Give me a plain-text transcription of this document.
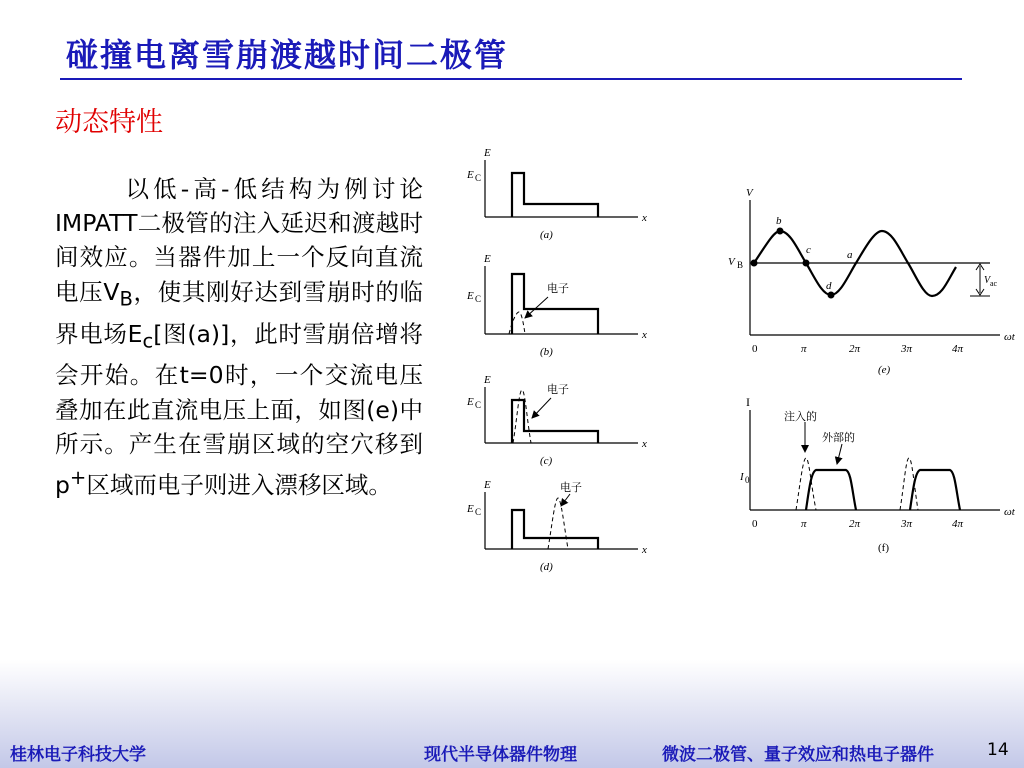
碰撞电离雪崩渡越时间二极管
动态特性
以低-高-低结构为例讨论IMPATT二极管的注入延迟和渡越时间效应。当器件加上一个反向直流电压$V_B$，使其刚好达到雪崩时的临界电场$E_c$[图(a)]，此时雪崩倍增将会开始。在t=0时，一个交流电压叠加在此直流电压上面，如图(e)中所示。产生在雪崩区域的空穴移到p+区域而电子则进入漂移区域。
E
x
E C
(a)
E
x
E C
电子
(b)
E
x
E C
电子
(c)
E
x
E C
电子
(d)
V
V B
V ac
b
c	a
d
0	π	2π	3π	4π
ωt
(e)
I
I 0
注入的
外部的
0	π	2π	3π	4π
ωt
(f)
桂林电子科技大学	现代半导体器件物理	微波二极管、量子效应和热电子器件	14
